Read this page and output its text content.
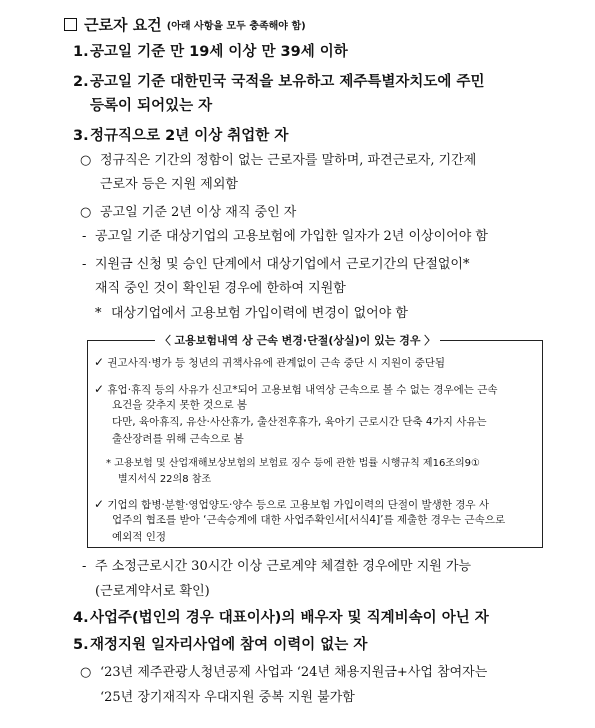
근로자 요건 (아래 사항을 모두 충족해야 함)
1.공고일 기준 만 19세 이상 만 39세 이하
2.공고일 기준 대한민국 국적을 보유하고 제주특별자치도에 주민
등록이 되어있는 자
3.정규직으로 2년 이상 취업한 자
○ 정규직은 기간의 정함이 없는 근로자를 말하며, 파견근로자, 기간제
근로자 등은 지원 제외함
○ 공고일 기준 2년 이상 재직 중인 자
- 공고일 기준 대상기업의 고용보험에 가입한 일자가 2년 이상이어야 함
- 지원금 신청 및 승인 단계에서 대상기업에서 근로기간의 단절없이*
재직 중인 것이 확인된 경우에 한하여 지원함
* 대상기업에서 고용보험 가입이력에 변경이 없어야 함
〈 고용보험내역 상 근속 변경·단절(상실)이 있는 경우 〉
✓ 권고사직·병가 등 청년의 귀책사유에 관계없이 근속 중단 시 지원이 중단됨
✓ 휴업·휴직 등의 사유가 신고*되어 고용보험 내역상 근속으로 볼 수 없는 경우에는 근속
요건을 갖추지 못한 것으로 봄
다만, 육아휴직, 유산·사산휴가, 출산전후휴가, 육아기 근로시간 단축 4가지 사유는
출산장려를 위해 근속으로 봄
* 고용보험 및 산업재해보상보험의 보험료 징수 등에 관한 법률 시행규칙 제16조의9①
별지서식 22의8 참조
✓ 기업의 합병·분할·영업양도·양수 등으로 고용보험 가입이력의 단절이 발생한 경우 사
업주의 협조를 받아 ‘근속승계에 대한 사업주확인서[서식4]’를 제출한 경우는 근속으로
예외적 인정
- 주 소정근로시간 30시간 이상 근로계약 체결한 경우에만 지원 가능
(근로계약서로 확인)
4.사업주(법인의 경우 대표이사)의 배우자 및 직계비속이 아닌 자
5.재정지원 일자리사업에 참여 이력이 없는 자
○ ‘23년 제주관광人청년공제 사업과 ‘24년 채용지원금+사업 참여자는
‘25년 장기재직자 우대지원 중복 지원 불가함
